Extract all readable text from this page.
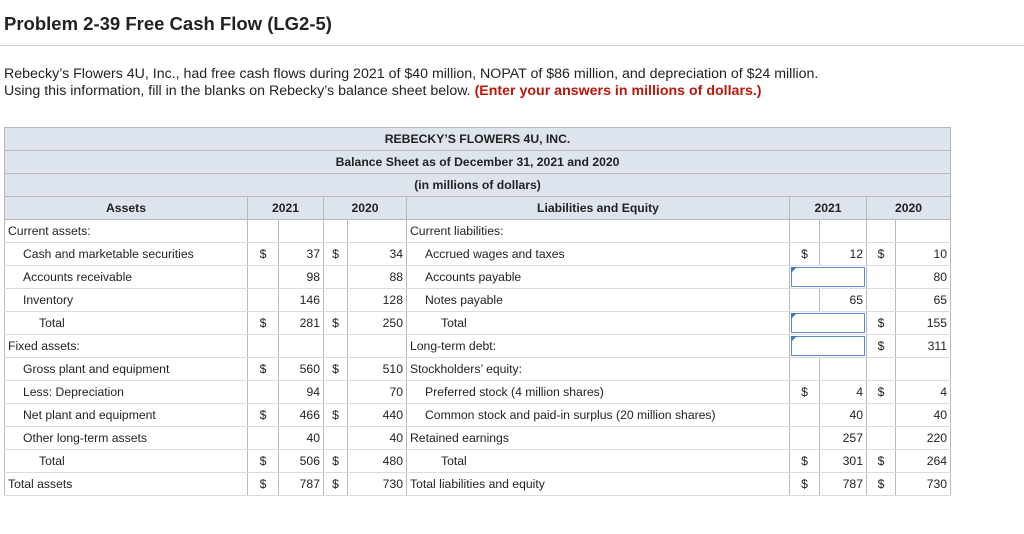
Problem 2-39 Free Cash Flow (LG2-5)
Rebecky’s Flowers 4U, Inc., had free cash flows during 2021 of $40 million, NOPAT of $86 million, and depreciation of $24 million.
Using this information, fill in the blanks on Rebecky’s balance sheet below. (Enter your answers in millions of dollars.)
REBECKY’S FLOWERS 4U, INC.									
Balance Sheet as of December 31, 2021 and 2020									
(in millions of dollars)									
Assets	2021		2020		Liabilities and Equity	2021		2020	
Current assets:					Current liabilities:				
Cash and marketable securities	$	37	$	34	Accrued wages and taxes	$	12	$	10
Accounts receivable		98		88	Accounts payable				80
Inventory		146		128	Notes payable		65		65
Total	$	281	$	250	Total			$	155
Fixed assets:					Long-term debt:			$	311
Gross plant and equipment	$	560	$	510	Stockholders’ equity:				
Less: Depreciation		94		70	Preferred stock (4 million shares)	$	4	$	4
Net plant and equipment	$	466	$	440	Common stock and paid-in surplus (20 million shares)		40		40
Other long-term assets		40		40	Retained earnings		257		220
Total	$	506	$	480	Total	$	301	$	264
Total assets	$	787	$	730	Total liabilities and equity	$	787	$	730
